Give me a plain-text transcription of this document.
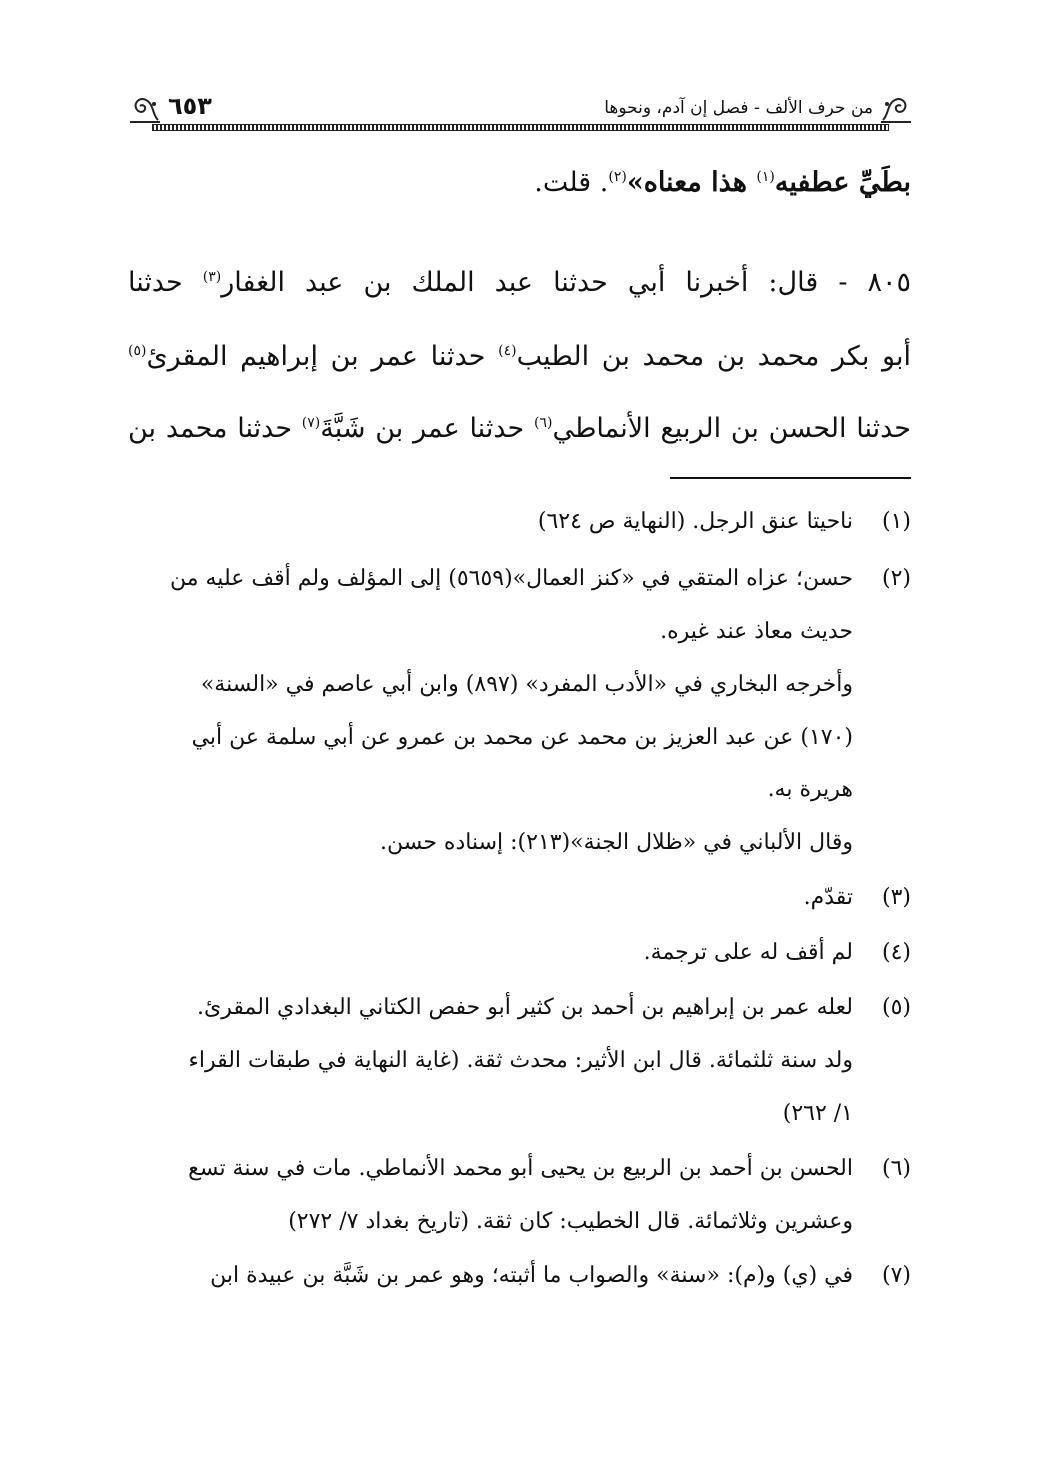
من حرف الألف - فصل إن آدم، ونحوها
٦٥٣
بطَيِّ عطفيه$^{(١)}$ هذا معناه»$^{(٢)}$. قلت.
٨٠٥ - قال: أخبرنا أبي حدثنا عبد الملك بن عبد الغفار$^{(٣)}$ حدثنا
أبو بكر محمد بن محمد بن الطيب$^{(٤)}$ حدثنا عمر بن إبراهيم المقرئ$^{(٥)}$
حدثنا الحسن بن الربيع الأنماطي$^{(٦)}$ حدثنا عمر بن شَبَّةَ$^{(٧)}$ حدثنا محمد بن
(١)
ناحيتا عنق الرجل. (النهاية ص ٦٢٤)
(٢)
حسن؛ عزاه المتقي في «كنز العمال»(٥٦٥٩) إلى المؤلف ولم أقف عليه من
حديث معاذ عند غيره.
وأخرجه البخاري في «الأدب المفرد» (٨٩٧) وابن أبي عاصم في «السنة»
(١٧٠) عن عبد العزيز بن محمد عن محمد بن عمرو عن أبي سلمة عن أبي
هريرة به.
وقال الألباني في «ظلال الجنة»(٢١٣): إسناده حسن.
(٣)
تقدّم.
(٤)
لم أقف له على ترجمة.
(٥)
لعله عمر بن إبراهيم بن أحمد بن كثير أبو حفص الكتاني البغدادي المقرئ.
ولد سنة ثلثمائة. قال ابن الأثير: محدث ثقة. (غاية النهاية في طبقات القراء
١/ ٢٦٢)
(٦)
الحسن بن أحمد بن الربيع بن يحيى أبو محمد الأنماطي. مات في سنة تسع
وعشرين وثلاثمائة. قال الخطيب: كان ثقة. (تاريخ بغداد ٧/ ٢٧٢)
(٧)
في (ي) و(م): «سنة» والصواب ما أثبته؛ وهو عمر بن شَبَّة بن عبيدة ابن
